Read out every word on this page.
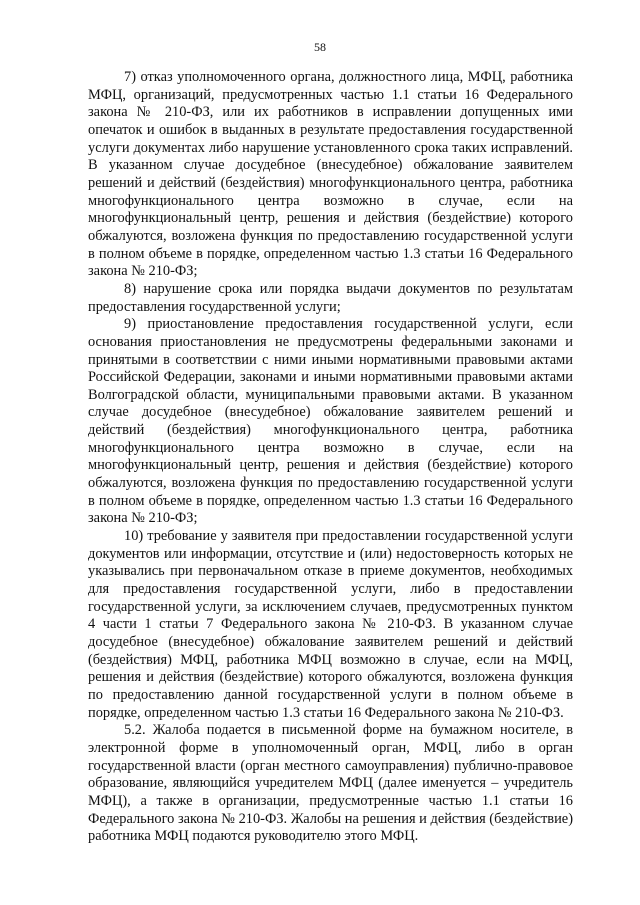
58

7) отказ уполномоченного органа, должностного лица, МФЦ, работника МФЦ, организаций, предусмотренных частью 1.1 статьи 16 Федерального закона № 210-ФЗ, или их работников в исправлении допущенных ими опечаток и ошибок в выданных в результате предоставления государственной услуги документах либо нарушение установленного срока таких исправлений. В указанном случае досудебное (внесудебное) обжалование заявителем решений и действий (бездействия) многофункционального центра, работника многофункционального центра возможно в случае, если на многофункциональный центр, решения и действия (бездействие) которого обжалуются, возложена функция по предоставлению государственной услуги в полном объеме в порядке, определенном частью 1.3 статьи 16 Федерального закона № 210-ФЗ;

8) нарушение срока или порядка выдачи документов по результатам предоставления государственной услуги;

9) приостановление предоставления государственной услуги, если основания приостановления не предусмотрены федеральными законами и принятыми в соответствии с ними иными нормативными правовыми актами Российской Федерации, законами и иными нормативными правовыми актами Волгоградской области, муниципальными правовыми актами. В указанном случае досудебное (внесудебное) обжалование заявителем решений и действий (бездействия) многофункционального центра, работника многофункционального центра возможно в случае, если на многофункциональный центр, решения и действия (бездействие) которого обжалуются, возложена функция по предоставлению государственной услуги в полном объеме в порядке, определенном частью 1.3 статьи 16 Федерального закона № 210-ФЗ;

10) требование у заявителя при предоставлении государственной услуги документов или информации, отсутствие и (или) недостоверность которых не указывались при первоначальном отказе в приеме документов, необходимых для предоставления государственной услуги, либо в предоставлении государственной услуги, за исключением случаев, предусмотренных пунктом 4 части 1 статьи 7 Федерального закона № 210-ФЗ. В указанном случае досудебное (внесудебное) обжалование заявителем решений и действий (бездействия) МФЦ, работника МФЦ возможно в случае, если на МФЦ, решения и действия (бездействие) которого обжалуются, возложена функция по предоставлению данной государственной услуги в полном объеме в порядке, определенном частью 1.3 статьи 16 Федерального закона № 210-ФЗ.

5.2. Жалоба подается в письменной форме на бумажном носителе, в электронной форме в уполномоченный орган, МФЦ, либо в орган государственной власти (орган местного самоуправления) публично-правовое образование, являющийся учредителем МФЦ (далее именуется – учредитель МФЦ), а также в организации, предусмотренные частью 1.1 статьи 16 Федерального закона № 210-ФЗ. Жалобы на решения и действия (бездействие) работника МФЦ подаются руководителю этого МФЦ.
